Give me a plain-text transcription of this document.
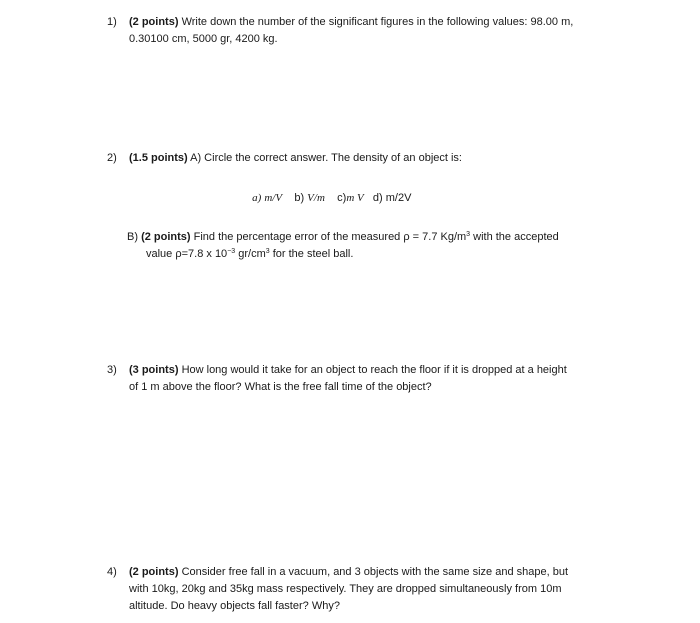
1) (2 points) Write down the number of the significant figures in the following values: 98.00 m,
0.30100 cm, 5000 gr, 4200 kg.
2) (1.5 points) A) Circle the correct answer. The density of an object is:

a) m/V b) V/m c)m V d) m/2V

B) (2 points) Find the percentage error of the measured ρ = 7.7 $Kg/m^3$ with the accepted
value ρ=7.8 x $10^{-3}$ $gr/cm^3$ for the steel ball.
3) (3 points) How long would it take for an object to reach the floor if it is dropped at a height
of 1 m above the floor? What is the free fall time of the object?
4) (2 points) Consider free fall in a vacuum, and 3 objects with the same size and shape, but
with 10kg, 20kg and 35kg mass respectively. They are dropped simultaneously from 10m
altitude. Do heavy objects fall faster? Why?
